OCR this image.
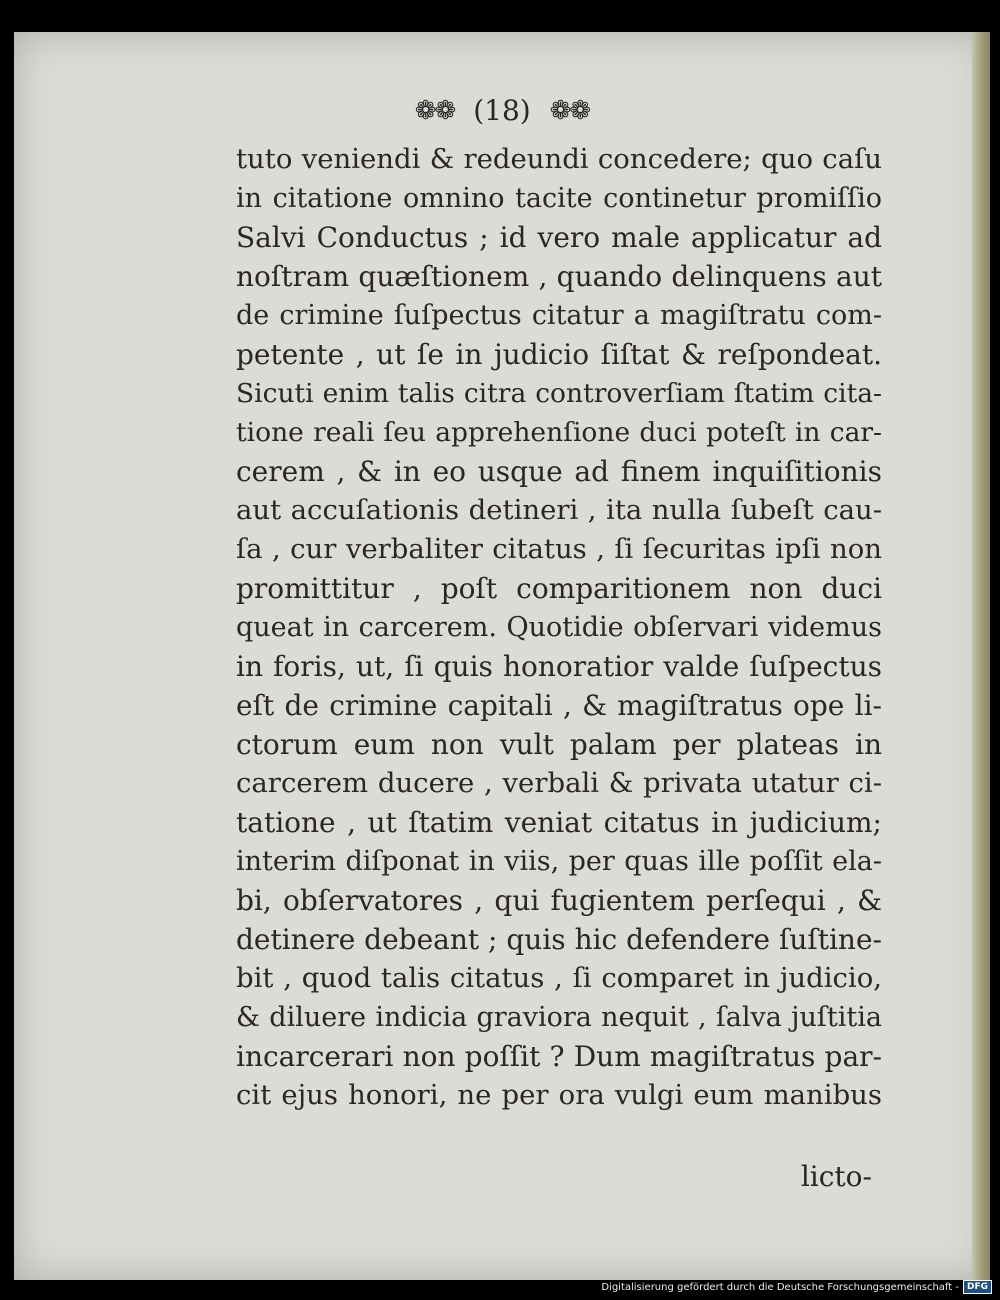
❁❁ (18) ❁❁
tuto veniendi & redeundi concedere; quo caſu
in citatione omnino tacite continetur promiſſio
Salvi Conductus ; id vero male applicatur ad
noſtram quæſtionem , quando delinquens aut
de crimine ſuſpectus citatur a magiſtratu com-
petente , ut ſe in judicio ſiſtat & reſpondeat.
Sicuti enim talis citra controverſiam ſtatim cita-
tione reali ſeu apprehenſione duci poteſt in car-
cerem , & in eo usque ad finem inquiſitionis
aut accuſationis detineri , ita nulla ſubeſt cau-
ſa , cur verbaliter citatus , ſi ſecuritas ipſi non
promittitur , poſt comparitionem non duci
queat in carcerem. Quotidie obſervari videmus
in foris, ut, ſi quis honoratior valde ſuſpectus
eſt de crimine capitali , & magiſtratus ope li-
ctorum eum non vult palam per plateas in
carcerem ducere , verbali & privata utatur ci-
tatione , ut ſtatim veniat citatus in judicium;
interim diſponat in viis, per quas ille poſſit ela-
bi, obſervatores , qui fugientem perſequi , &
detinere debeant ; quis hic defendere ſuſtine-
bit , quod talis citatus , ſi comparet in judicio,
& diluere indicia graviora nequit , ſalva juſtitia
incarcerari non poſſit ? Dum magiſtratus par-
cit ejus honori, ne per ora vulgi eum manibus
licto-
Digitalisierung gefördert durch die Deutsche Forschungsgemeinschaft - DFG
